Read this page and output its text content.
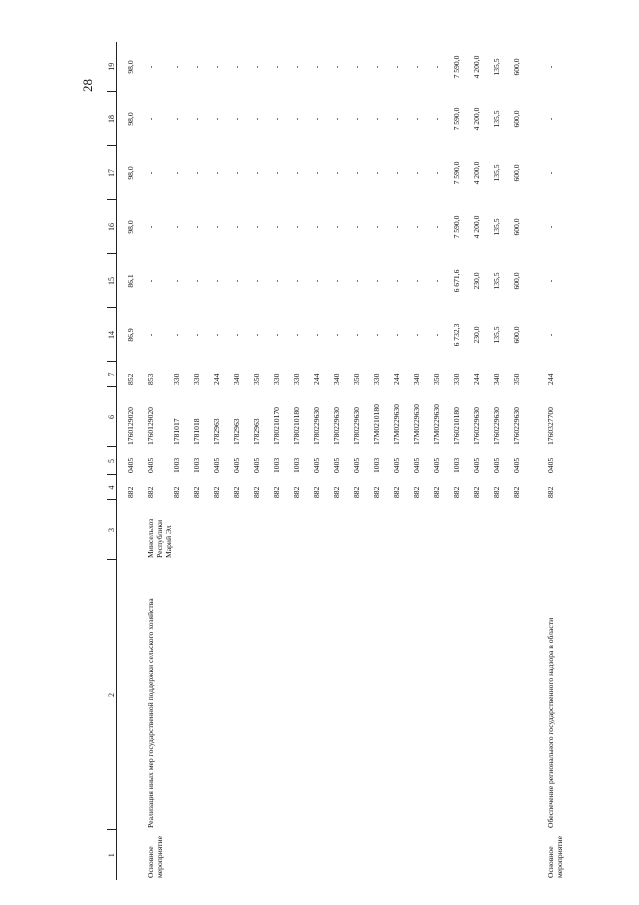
28
1	2	3	4	5	6	7	14	15	16	17	18	19
			882	0405	1760129020	852	86,9	86,1	98,0	98,0	98,0	98,0
Основное мероприятие	Реализация иных мер государственной поддержки сельского хозяйства	Минсельхоз Республики Марий Эл	882	0405	1760129020	853	-	-	-	-	-	-
			882	1003	1781017	330	-	-	-	-	-	-
			882	1003	1781018	330	-	-	-	-	-	-
			882	0405	1782963	244	-	-	-	-	-	-
			882	0405	1782963	340	-	-	-	-	-	-
			882	0405	1782963	350	-	-	-	-	-	-
			882	1003	1780210170	330	-	-	-	-	-	-
			882	1003	1780210180	330	-	-	-	-	-	-
			882	0405	1780229630	244	-	-	-	-	-	-
			882	0405	1780229630	340	-	-	-	-	-	-
			882	0405	1780229630	350	-	-	-	-	-	-
			882	1003	17M0210180	330	-	-	-	-	-	-
			882	0405	17M0229630	244	-	-	-	-	-	-
			882	0405	17M0229630	340	-	-	-	-	-	-
			882	0405	17M0229630	350	-	-	-	-	-	-
			882	1003	1760210180	330	6 732,3	6 671,6	7 590,0	7 590,0	7 590,0	7 590,0
			882	0405	1760229630	244	230,0	230,0	4 200,0	4 200,0	4 200,0	4 200,0
			882	0405	1760229630	340	135,5	135,5	135,5	135,5	135,5	135,5
			882	0405	1760229630	350	600,0	600,0	600,0	600,0	600,0	600,0
Основное мероприятие	Обеспечение регионального государственного надзора в области		882	0405	1760327700	244	-	-	-	-	-	-
